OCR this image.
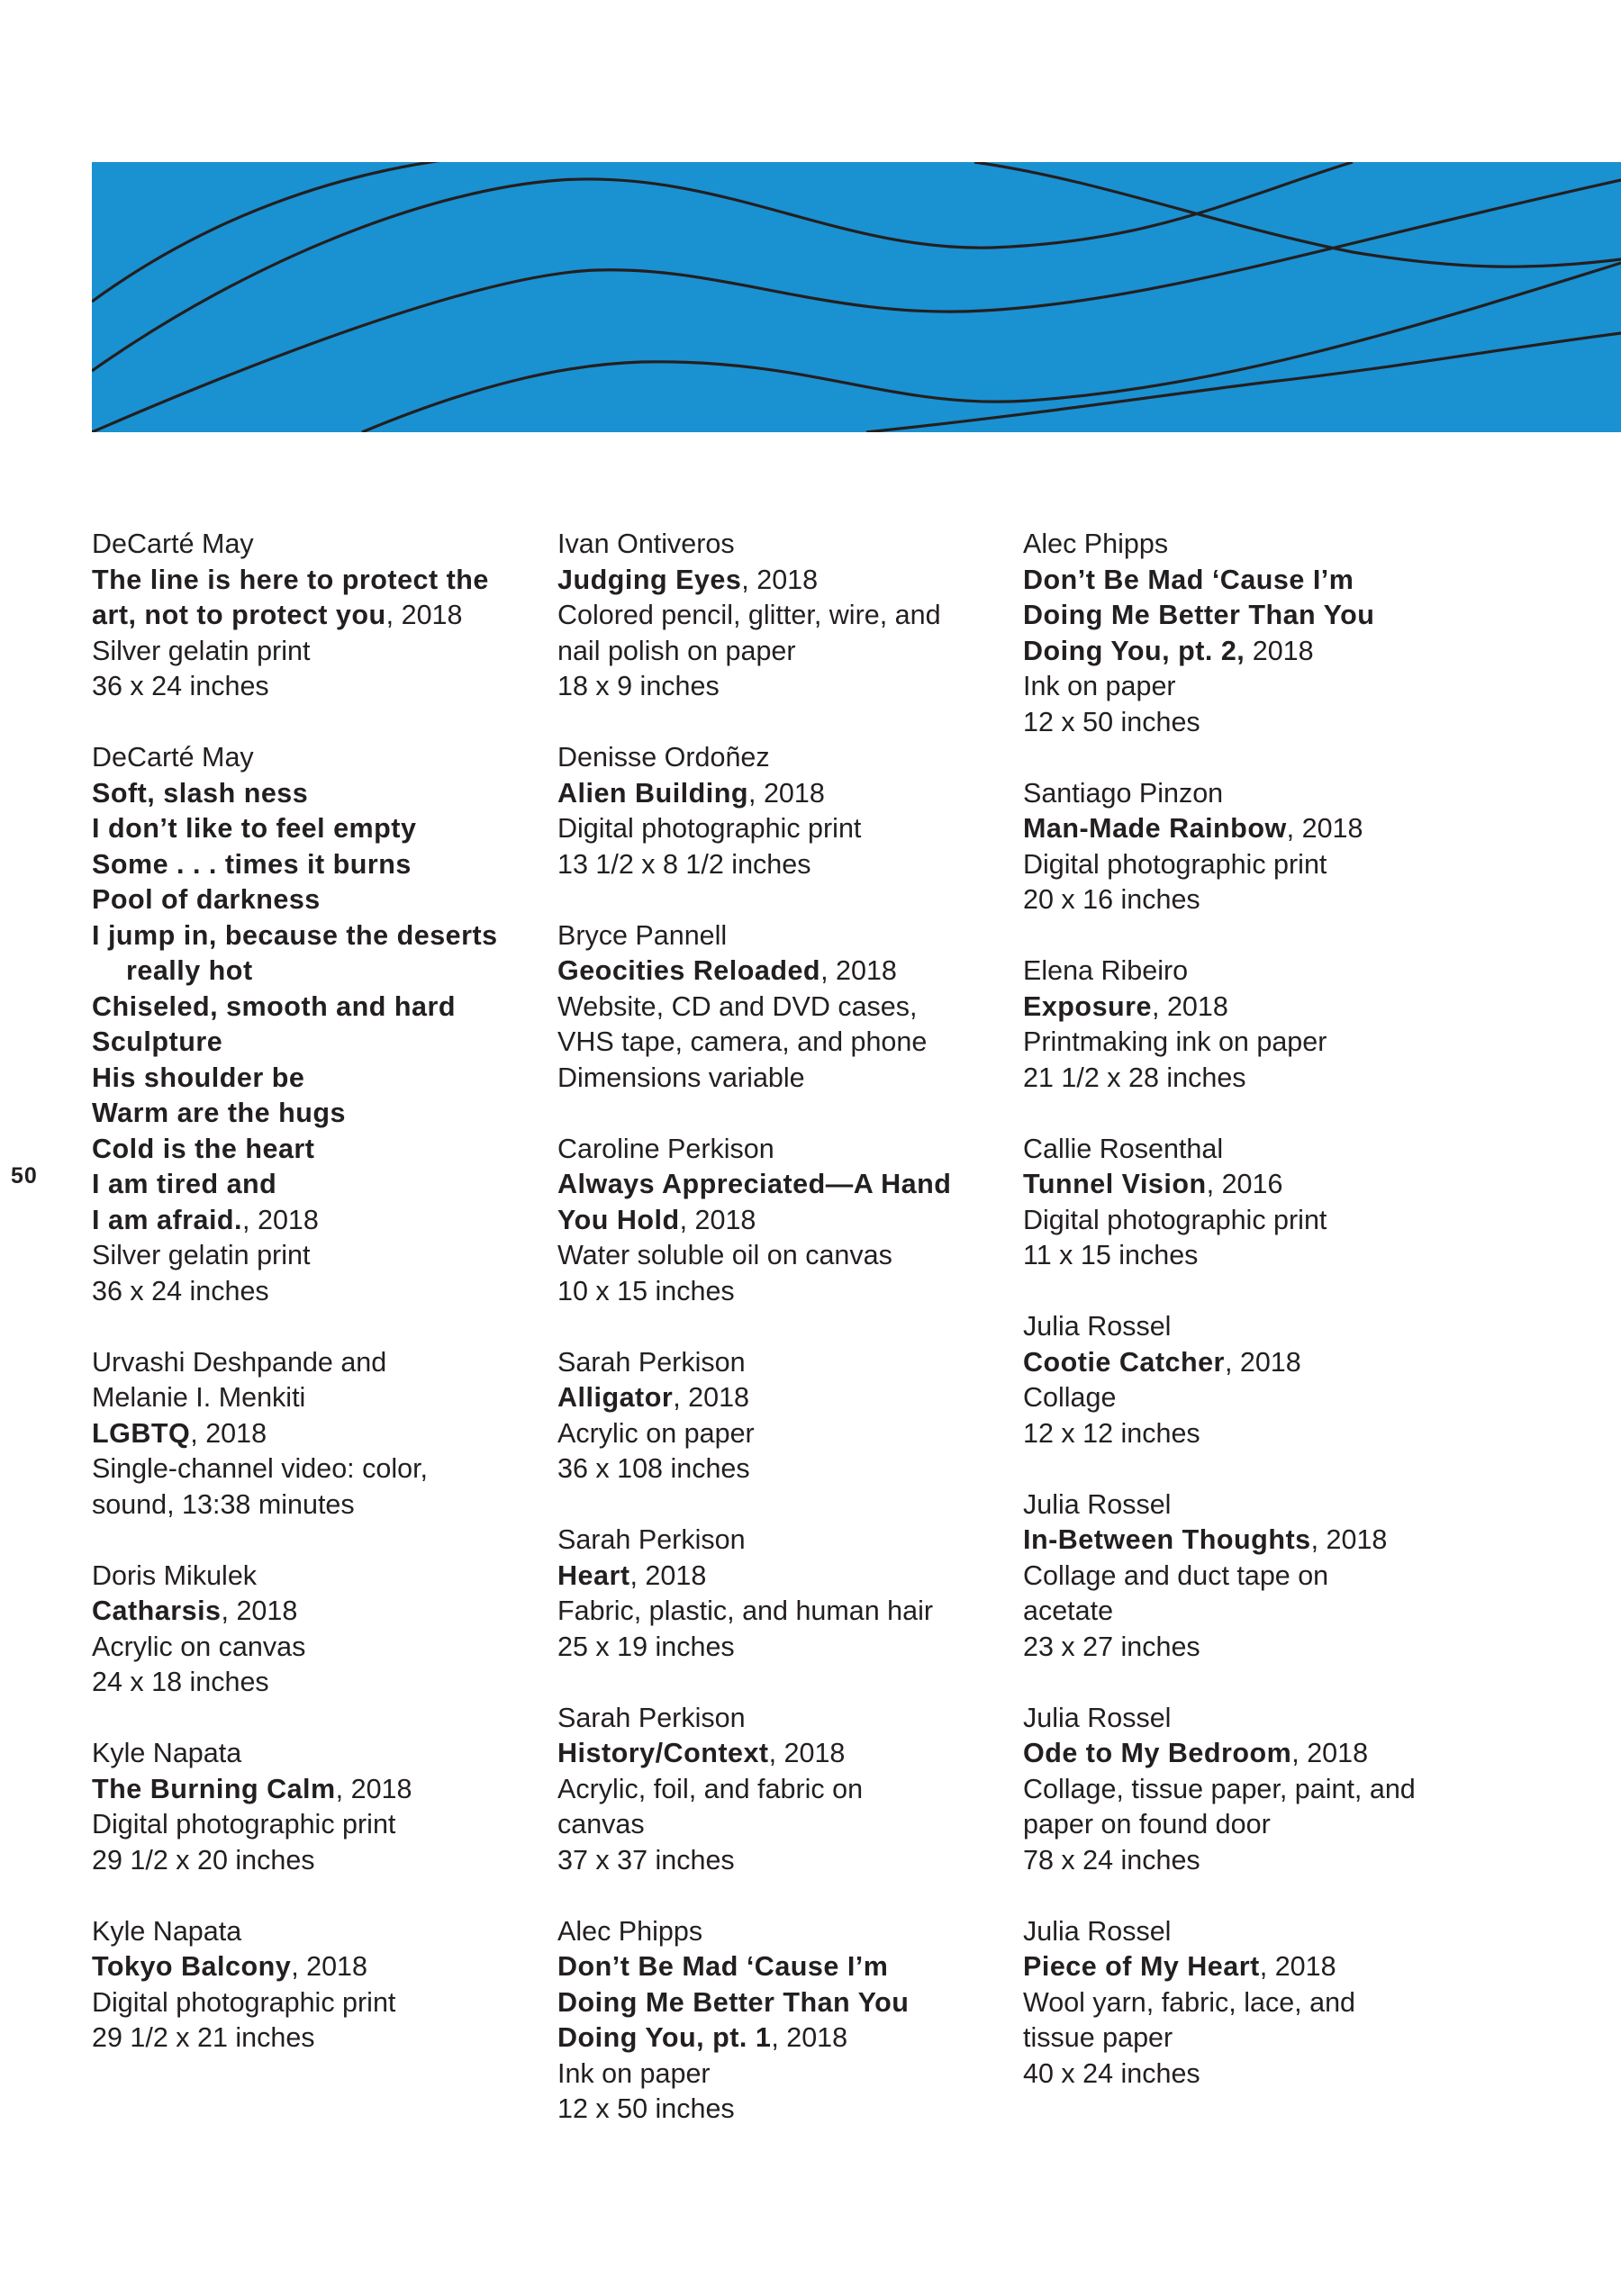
50
DeCarté May
The line is here to protect the
art, not to protect you, 2018
Silver gelatin print
36 x 24 inches
DeCarté May
Soft, slash ness
I don’t like to feel empty
Some . . . times it burns
Pool of darkness
I jump in, because the deserts
really hot
Chiseled, smooth and hard
Sculpture
His shoulder be
Warm are the hugs
Cold is the heart
I am tired and
I am afraid., 2018
Silver gelatin print
36 x 24 inches
Urvashi Deshpande and
Melanie I. Menkiti
LGBTQ, 2018
Single-channel video: color,
sound, 13:38 minutes
Doris Mikulek
Catharsis, 2018
Acrylic on canvas
24 x 18 inches
Kyle Napata
The Burning Calm, 2018
Digital photographic print
29 1/2 x 20 inches
Kyle Napata
Tokyo Balcony, 2018
Digital photographic print
29 1/2 x 21 inches
Ivan Ontiveros
Judging Eyes, 2018
Colored pencil, glitter, wire, and
nail polish on paper
18 x 9 inches
Denisse Ordoñez
Alien Building, 2018
Digital photographic print
13 1/2 x 8 1/2 inches
Bryce Pannell
Geocities Reloaded, 2018
Website, CD and DVD cases,
VHS tape, camera, and phone
Dimensions variable
Caroline Perkison
Always Appreciated—A Hand
You Hold, 2018
Water soluble oil on canvas
10 x 15 inches
Sarah Perkison
Alligator, 2018
Acrylic on paper
36 x 108 inches
Sarah Perkison
Heart, 2018
Fabric, plastic, and human hair
25 x 19 inches
Sarah Perkison
History/Context, 2018
Acrylic, foil, and fabric on
canvas
37 x 37 inches
Alec Phipps
Don’t Be Mad ‘Cause I’m
Doing Me Better Than You
Doing You, pt. 1, 2018
Ink on paper
12 x 50 inches
Alec Phipps
Don’t Be Mad ‘Cause I’m
Doing Me Better Than You
Doing You, pt. 2, 2018
Ink on paper
12 x 50 inches
Santiago Pinzon
Man-Made Rainbow, 2018
Digital photographic print
20 x 16 inches
Elena Ribeiro
Exposure, 2018
Printmaking ink on paper
21 1/2 x 28 inches
Callie Rosenthal
Tunnel Vision, 2016
Digital photographic print
11 x 15 inches
Julia Rossel
Cootie Catcher, 2018
Collage
12 x 12 inches
Julia Rossel
In-Between Thoughts, 2018
Collage and duct tape on
acetate
23 x 27 inches
Julia Rossel
Ode to My Bedroom, 2018
Collage, tissue paper, paint, and
paper on found door
78 x 24 inches
Julia Rossel
Piece of My Heart, 2018
Wool yarn, fabric, lace, and
tissue paper
40 x 24 inches
